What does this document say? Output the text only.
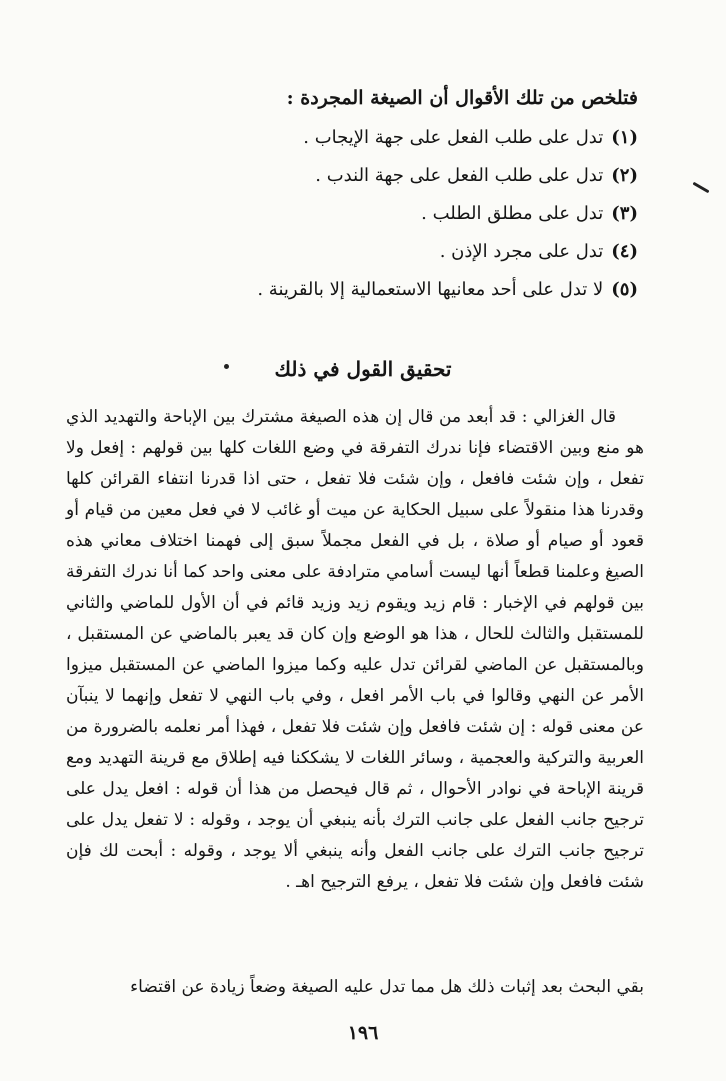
فتلخص من تلك الأقوال أن الصيغة المجردة :
(١)تدل على طلب الفعل على جهة الإيجاب .
(٢)تدل على طلب الفعل على جهة الندب .
(٣)تدل على مطلق الطلب .
(٤)تدل على مجرد الإذن .
(٥)لا تدل على أحد معانيها الاستعمالية إلا بالقرينة .
تحقيق القول في ذلك

قال الغزالي : قد أبعد من قال إن هذه الصيغة مشترك بين الإباحة والتهديد الذي هو منع وبين الاقتضاء فإنا ندرك التفرقة في وضع اللغات كلها بين قولهم : إفعل ولا تفعل ، وإن شئت فافعل ، وإن شئت فلا تفعل ، حتى اذا قدرنا انتفاء القرائن كلها وقدرنا هذا منقولاً على سبيل الحكاية عن ميت أو غائب لا في فعل معين من قيام أو قعود أو صيام أو صلاة ، بل في الفعل مجملاً سبق إلى فهمنا اختلاف معاني هذه الصيغ وعلمنا قطعاً أنها ليست أسامي مترادفة على معنى واحد كما أنا ندرك التفرقة بين قولهم في الإخبار : قام زيد ويقوم زيد وزيد قائم في أن الأول للماضي والثاني للمستقبل والثالث للحال ، هذا هو الوضع وإن كان قد يعبر بالماضي عن المستقبل ، وبالمستقبل عن الماضي لقرائن تدل عليه وكما ميزوا الماضي عن المستقبل ميزوا الأمر عن النهي وقالوا في باب الأمر افعل ، وفي باب النهي لا تفعل وإنهما لا ينبآن عن معنى قوله : إن شئت فافعل وإن شئت فلا تفعل ، فهذا أمر نعلمه بالضرورة من العربية والتركية والعجمية ، وسائر اللغات لا يشككنا فيه إطلاق مع قرينة التهديد ومع قرينة الإباحة في نوادر الأحوال ، ثم قال فيحصل من هذا أن قوله : افعل يدل على ترجيح جانب الفعل على جانب الترك بأنه ينبغي أن يوجد ، وقوله : لا تفعل يدل على ترجيح جانب الترك على جانب الفعل وأنه ينبغي ألا يوجد ، وقوله : أبحت لك فإن شئت فافعل وإن شئت فلا تفعل ، يرفع الترجيح اهـ .

بقي البحث بعد إثبات ذلك هل مما تدل عليه الصيغة وضعاً زيادة عن اقتضاء
١٩٦
